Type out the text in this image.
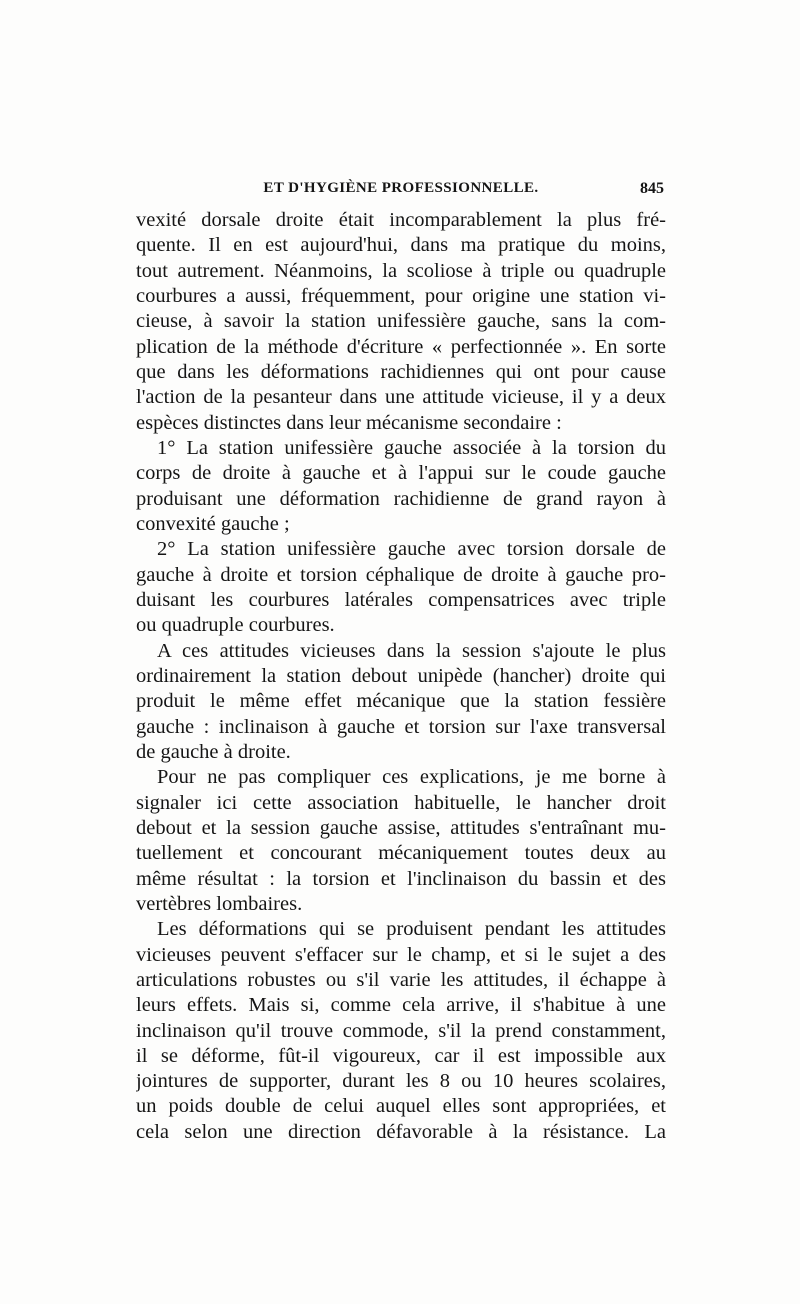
ET D'HYGIÈNE PROFESSIONNELLE.	845
vexité dorsale droite était incomparablement la plus fré-
quente. Il en est aujourd'hui, dans ma pratique du moins,
tout autrement. Néanmoins, la scoliose à triple ou quadruple
courbures a aussi, fréquemment, pour origine une station vi-
cieuse, à savoir la station unifessière gauche, sans la com-
plication de la méthode d'écriture « perfectionnée ». En sorte
que dans les déformations rachidiennes qui ont pour cause
l'action de la pesanteur dans une attitude vicieuse, il y a deux
espèces distinctes dans leur mécanisme secondaire :
1° La station unifessière gauche associée à la torsion du
corps de droite à gauche et à l'appui sur le coude gauche
produisant une déformation rachidienne de grand rayon à
convexité gauche ;
2° La station unifessière gauche avec torsion dorsale de
gauche à droite et torsion céphalique de droite à gauche pro-
duisant les courbures latérales compensatrices avec triple
ou quadruple courbures.
A ces attitudes vicieuses dans la session s'ajoute le plus
ordinairement la station debout unipède (hancher) droite qui
produit le même effet mécanique que la station fessière
gauche : inclinaison à gauche et torsion sur l'axe transversal
de gauche à droite.
Pour ne pas compliquer ces explications, je me borne à
signaler ici cette association habituelle, le hancher droit
debout et la session gauche assise, attitudes s'entraînant mu-
tuellement et concourant mécaniquement toutes deux au
même résultat : la torsion et l'inclinaison du bassin et des
vertèbres lombaires.
Les déformations qui se produisent pendant les attitudes
vicieuses peuvent s'effacer sur le champ, et si le sujet a des
articulations robustes ou s'il varie les attitudes, il échappe à
leurs effets. Mais si, comme cela arrive, il s'habitue à une
inclinaison qu'il trouve commode, s'il la prend constamment,
il se déforme, fût-il vigoureux, car il est impossible aux
jointures de supporter, durant les 8 ou 10 heures scolaires,
un poids double de celui auquel elles sont appropriées, et
cela selon une direction défavorable à la résistance. La
